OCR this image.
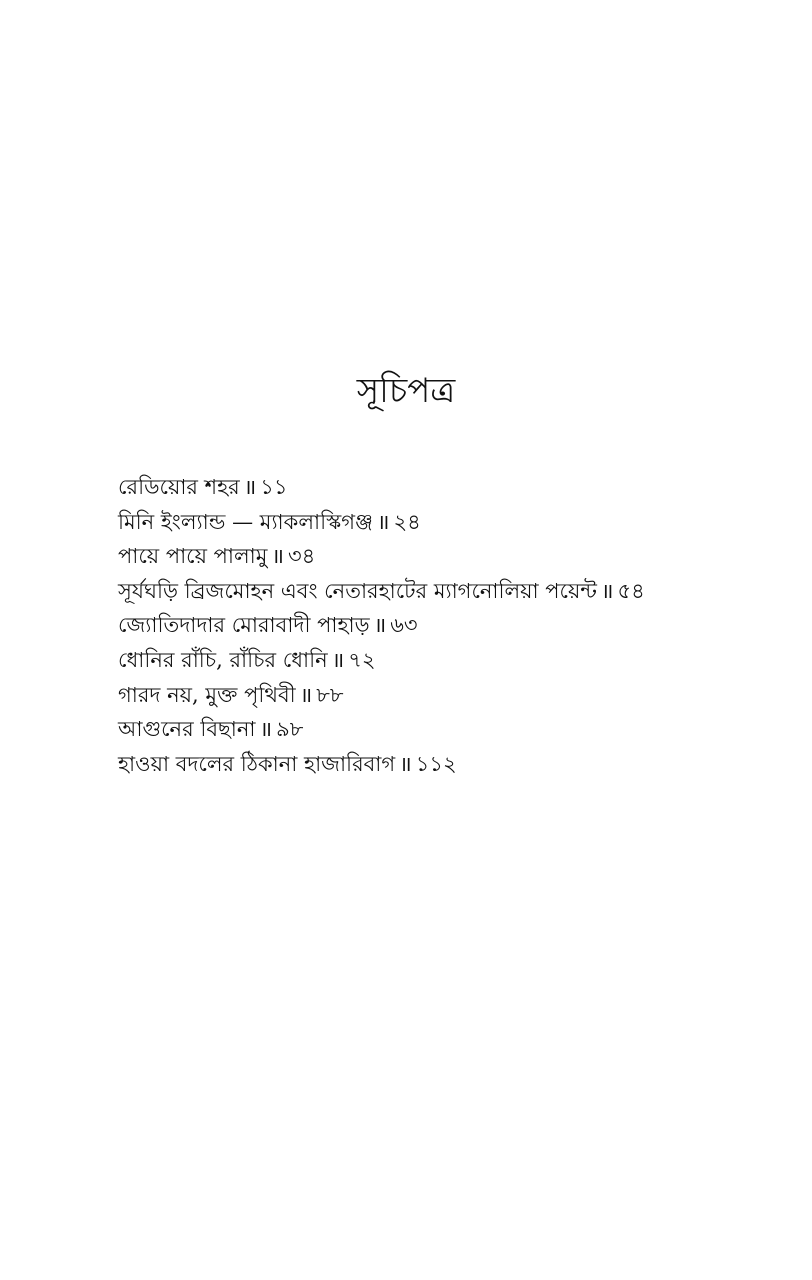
সূচিপত্র
রেডিয়োর শহর ॥ ১১
মিনি ইংল্যান্ড — ম্যাকলাস্কিগঞ্জ ॥ ২৪
পায়ে পায়ে পালামু ॥ ৩৪
সূর্যঘড়ি ব্রিজমোহন এবং নেতারহাটের ম্যাগনোলিয়া পয়েন্ট ॥ ৫৪
জ্যোতিদাদার মোরাবাদী পাহাড় ॥ ৬৩
ধোনির রাঁচি, রাঁচির ধোনি ॥ ৭২
গারদ নয়, মুক্ত পৃথিবী ॥ ৮৮
আগুনের বিছানা ॥ ৯৮
হাওয়া বদলের ঠিকানা হাজারিবাগ ॥ ১১২
